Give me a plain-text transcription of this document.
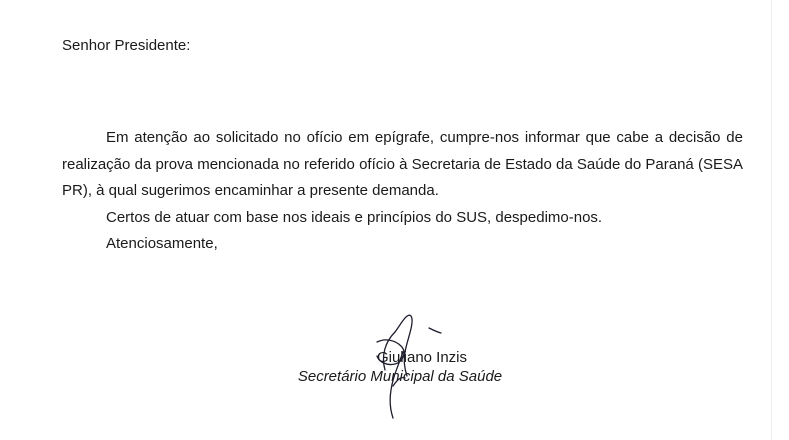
Senhor Presidente:

Em atenção ao solicitado no ofício em epígrafe, cumpre-nos informar que cabe a decisão de realização da prova mencionada no referido ofício à Secretaria de Estado da Saúde do Paraná (SESA PR), à qual sugerimos encaminhar a presente demanda.

Certos de atuar com base nos ideais e princípios do SUS, despedimo-nos.

Atenciosamente,

Giuliano Inzis
Secretário Municipal da Saúde
